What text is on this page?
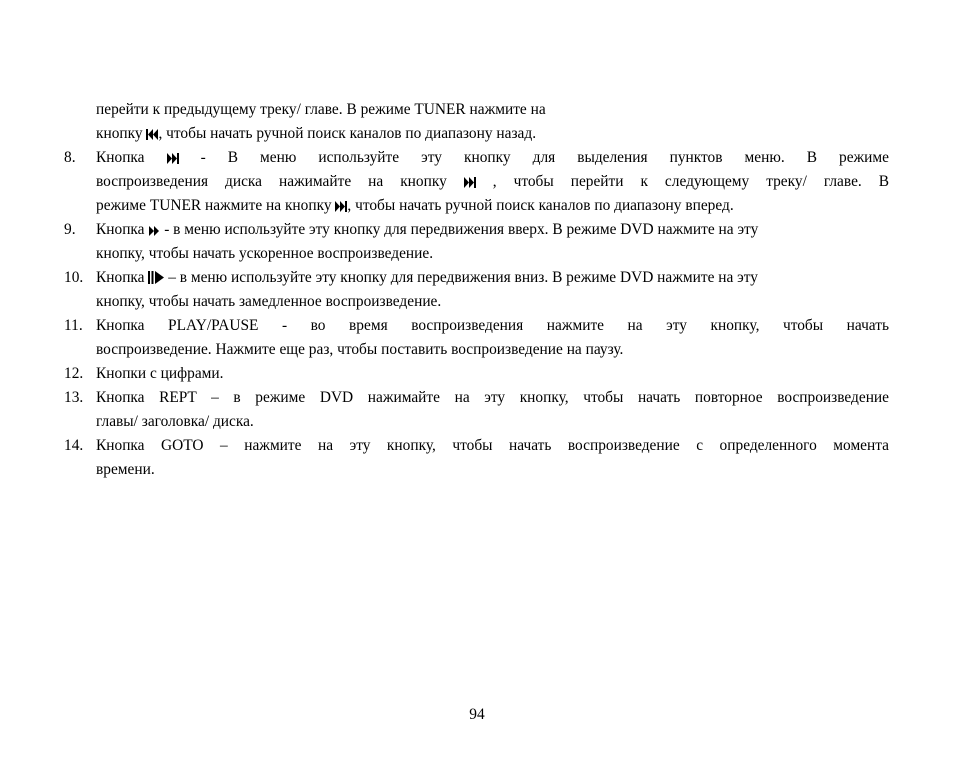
перейти к предыдущему треку/ главе. В режиме TUNER нажмите на
кнопку , чтобы начать ручной поиск каналов по диапазону назад.
8. Кнопка  - В меню используйте эту кнопку для выделения пунктов меню. В режиме
воспроизведения диска нажимайте на кнопку  , чтобы перейти к следующему треку/ главе. В
режиме TUNER нажмите на кнопку , чтобы начать ручной поиск каналов по диапазону вперед.
9. Кнопка  - в меню используйте эту кнопку для передвижения вверх. В режиме DVD нажмите на эту
кнопку, чтобы начать ускоренное воспроизведение.
10. Кнопка  – в меню используйте эту кнопку для передвижения вниз. В режиме DVD нажмите на эту
кнопку, чтобы начать замедленное воспроизведение.
11. Кнопка PLAY/PAUSE - во время воспроизведения нажмите на эту кнопку, чтобы начать
воспроизведение. Нажмите еще раз, чтобы поставить воспроизведение на паузу.
12. Кнопки с цифрами.
13. Кнопка REPT – в режиме DVD нажимайте на эту кнопку, чтобы начать повторное воспроизведение
главы/ заголовка/ диска.
14. Кнопка GOTO – нажмите на эту кнопку, чтобы начать воспроизведение с определенного момента
времени.
94
